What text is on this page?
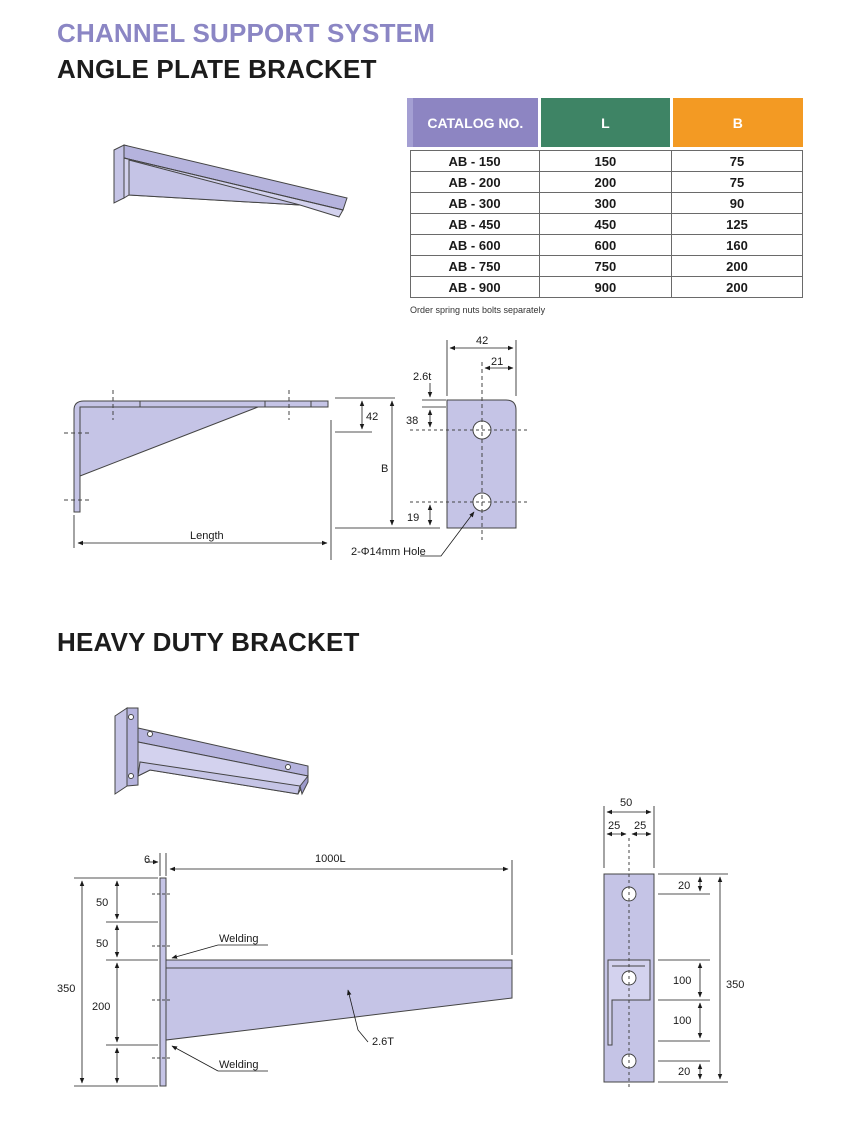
CHANNEL SUPPORT SYSTEM
ANGLE PLATE BRACKET
HEAVY DUTY BRACKET
CATALOG NO.	L	B

AB - 150	150	75
AB - 200	200	75
AB - 300	300	90
AB - 450	450	125
AB - 600	600	160
AB - 750	750	200
AB - 900	900	200
Order spring nuts bolts separately
Length
42
B
42
21
2.6t
38
19
2-Φ14mm Hole
6	1000L
50
50
350
200
Welding
Welding
2.6T
50
25 25
20
100
100
20
350
